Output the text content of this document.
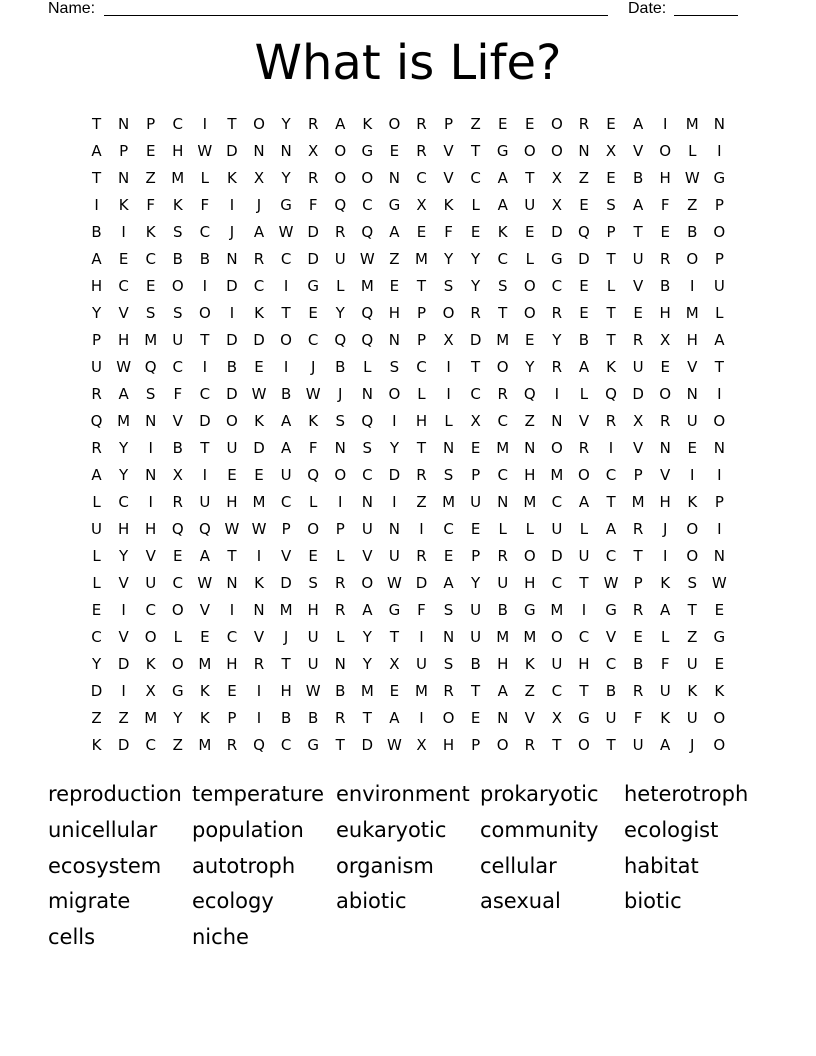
Name:	Date:
What is Life?
T	N	P	C	I	T	O	Y	R	A	K	O	R	P	Z	E	E	O	R	E	A	I	M N
A	P	E	H W D	N	N	X	O	G	E	R	V	T	G	O	O	N	X	V	O	L	I
T	N	Z	M	L	K	X	Y	R	O	O	N	C	V	C	A	T	X	Z	E	B	H W G
I	K	F	K	F	I	J	G	F	Q	C	G	X	K	L	A	U	X	E	S	A	F	Z	P
B	I	K	S	C	J	A W D	R	Q	A	E	F	E	K	E	D	Q	P	T	E	B	O
A	E	C	B	B	N	R	C	D	U W Z	M	Y	Y	C	L	G	D	T	U	R	O	P
H	C	E	O	I	D	C	I	G	L	M	E	T	S	Y	S	O	C	E	L	V	B	I	U
Y	V	S	S	O	I	K	T	E	Y	Q	H	P	O	R	T	O	R	E	T	E	H M	L
P	H M	U	T	D	D	O	C	Q	Q	N	P	X	D M	E	Y	B	T	R	X	H	A
U W Q	C	I	B	E	I	J	B	L	S	C	I	T	O	Y	R	A	K	U	E	V	T
R	A	S	F	C	D W B W	J	N	O	L	I	C	R	Q	I	L	Q	D	O	N	I
Q M N	V	D	O	K	A	K	S	Q	I	H	L	X	C	Z	N	V	R	X	R	U	O
R	Y	I	B	T	U	D	A	F	N	S	Y	T	N	E	M N	O	R	I	V	N	E	N
A	Y	N	X	I	E	E	U	Q	O	C	D	R	S	P	C	H M O	C	P	V	I	I
L	C	I	R	U	H M	C	L	I	N	I	Z	M	U	N M	C	A	T	M H	K	P
U	H	H	Q	Q W W	P	O	P	U	N	I	C	E	L	L	U	L	A	R	J	O	I
L	Y	V	E	A	T	I	V	E	L	V	U	R	E	P	R	O	D	U	C	T	I	O	N
L	V	U	C W N	K	D	S	R	O W D	A	Y	U	H	C	T	W	P	K	S W
E	I	C	O	V	I	N M H	R	A	G	F	S	U	B	G M	I	G	R	A	T	E
C	V	O	L	E	C	V	J	U	L	Y	T	I	N	U	M M O	C	V	E	L	Z	G
Y	D	K	O M H	R	T	U	N	Y	X	U	S	B	H	K	U	H	C	B	F	U	E
D	I	X	G	K	E	I	H W B	M	E	M	R	T	A	Z	C	T	B	R	U	K	K
Z	Z	M	Y	K	P	I	B	B	R	T	A	I	O	E	N	V	X	G	U	F	K	U	O
K	D	C	Z	M	R	Q	C	G	T	D W X	H	P	O	R	T	O	T	U	A	J	O
reproduction temperature environment prokaryotic	heterotroph
unicellular	population	eukaryotic	community	ecologist
ecosystem	autotroph	organism	cellular	habitat
migrate	ecology	abiotic	asexual	biotic
cells	niche
